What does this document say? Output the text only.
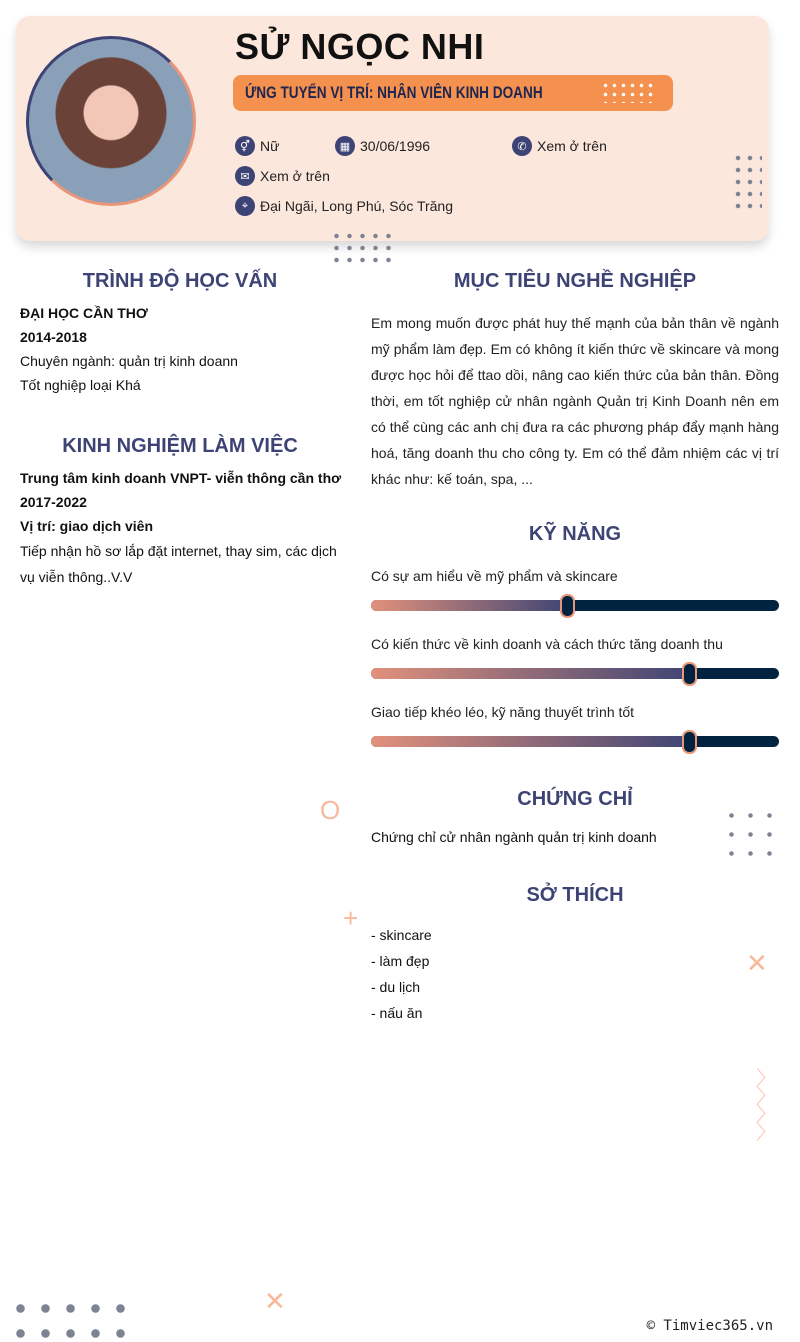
SỬ NGỌC NHI
ỨNG TUYỂN VỊ TRÍ: NHÂN VIÊN KINH DOANH
⚥ Nữ	▦ 30/06/1996	✆ Xem ở trên
✉ Xem ở trên
⌖ Đại Ngãi, Long Phú, Sóc Trăng
TRÌNH ĐỘ HỌC VẤN
ĐẠI HỌC CẦN THƠ
2014-2018
Chuyên ngành: quản trị kinh doann
Tốt nghiệp loại Khá
KINH NGHIỆM LÀM VIỆC
Trung tâm kinh doanh VNPT- viễn thông cần thơ
2017-2022
Vị trí: giao dịch viên
Tiếp nhận hồ sơ lắp đặt internet, thay sim, các dịch vụ viễn thông..V.V
MỤC TIÊU NGHỀ NGHIỆP
Em mong muốn được phát huy thế mạnh của bản thân về ngành mỹ phẩm làm đẹp. Em có không ít kiến thức về skincare và mong được học hỏi để ttao dồi, nâng cao kiến thức của bản thân. Đồng thời, em tốt nghiệp cử nhân ngành Quản trị Kinh Doanh nên em có thể cùng các anh chị đưa ra các phương pháp đẩy mạnh hàng hoá, tăng doanh thu cho công ty. Em có thể đảm nhiệm các vị trí khác như: kế toán, spa, ...
KỸ NĂNG
Có sự am hiểu về mỹ phẩm và skincare
Có kiến thức về kinh doanh và cách thức tăng doanh thu
Giao tiếp khéo léo, kỹ năng thuyết trình tốt
CHỨNG CHỈ
Chứng chỉ cử nhân ngành quản trị kinh doanh
SỞ THÍCH
- skincare
- làm đẹp
- du lịch
- nấu ăn
O
+
✕
✕
〉
〉
〉
〉
© Timviec365.vn
